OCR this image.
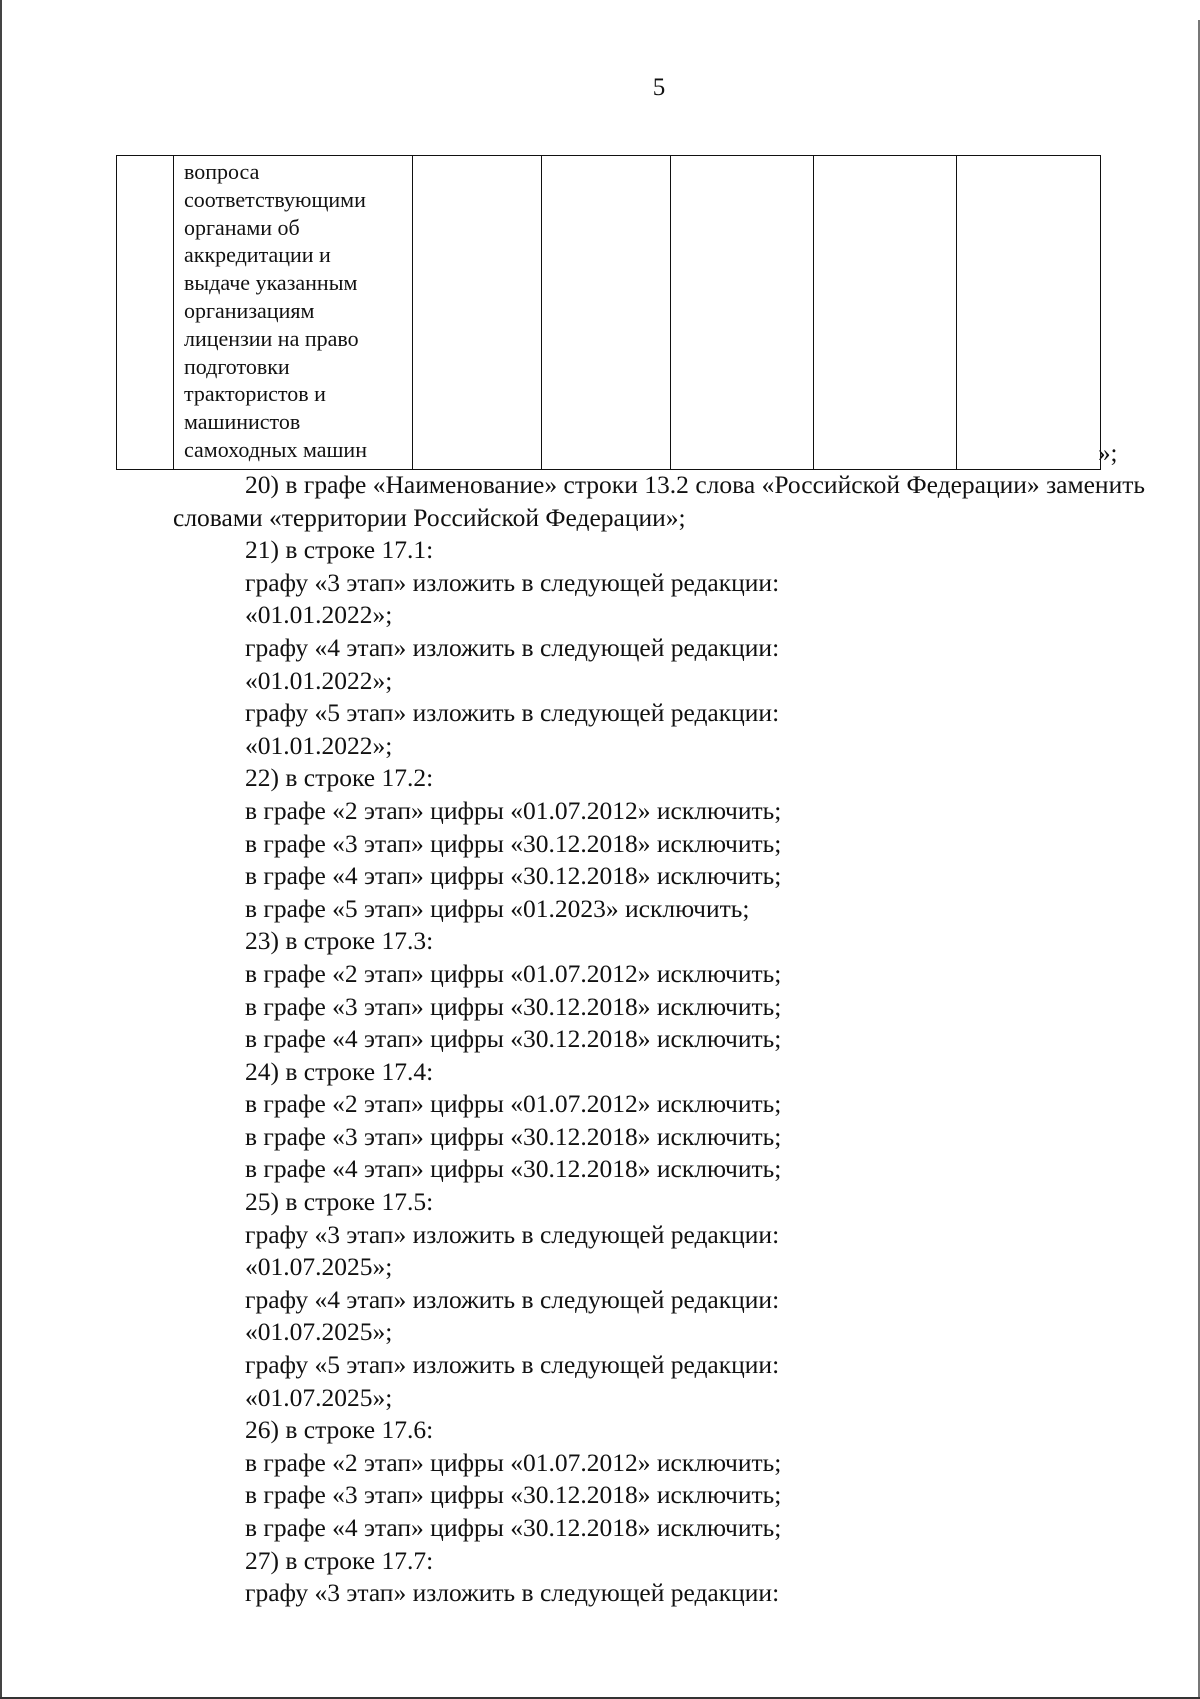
5

вопроса
соответствующими
органами об
аккредитации и
выдаче указанным
организациям
лицензии на право
подготовки
трактористов и
машинистов
самоходных машин
						»;

20) в графе «Наименование» строки 13.2 слова «Российской Федерации» заменить словами «территории Российской Федерации»;

21) в строке 17.1:

графу «3 этап» изложить в следующей редакции:

«01.01.2022»;

графу «4 этап» изложить в следующей редакции:

«01.01.2022»;

графу «5 этап» изложить в следующей редакции:

«01.01.2022»;

22) в строке 17.2:

в графе «2 этап» цифры «01.07.2012» исключить;

в графе «3 этап» цифры «30.12.2018» исключить;

в графе «4 этап» цифры «30.12.2018» исключить;

в графе «5 этап» цифры «01.2023» исключить;

23) в строке 17.3:

в графе «2 этап» цифры «01.07.2012» исключить;

в графе «3 этап» цифры «30.12.2018» исключить;

в графе «4 этап» цифры «30.12.2018» исключить;

24) в строке 17.4:

в графе «2 этап» цифры «01.07.2012» исключить;

в графе «3 этап» цифры «30.12.2018» исключить;

в графе «4 этап» цифры «30.12.2018» исключить;

25) в строке 17.5:

графу «3 этап» изложить в следующей редакции:

«01.07.2025»;

графу «4 этап» изложить в следующей редакции:

«01.07.2025»;

графу «5 этап» изложить в следующей редакции:

«01.07.2025»;

26) в строке 17.6:

в графе «2 этап» цифры «01.07.2012» исключить;

в графе «3 этап» цифры «30.12.2018» исключить;

в графе «4 этап» цифры «30.12.2018» исключить;

27) в строке 17.7:

графу «3 этап» изложить в следующей редакции:
